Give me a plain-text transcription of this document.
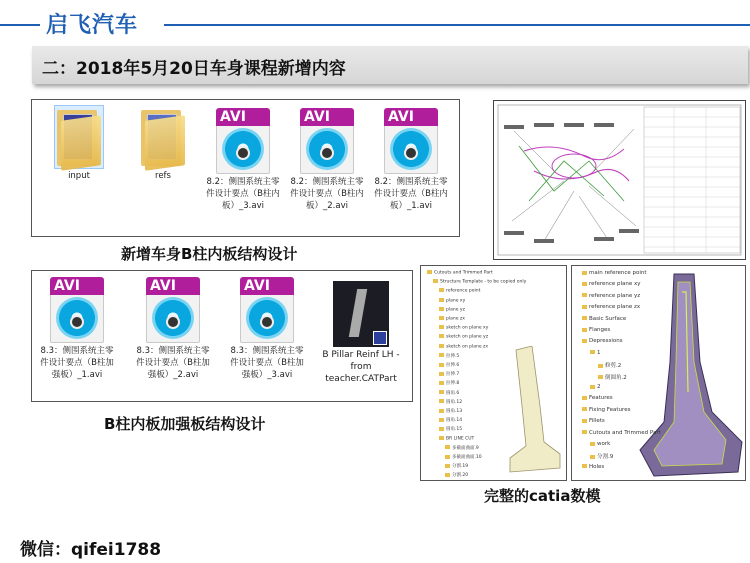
启飞汽车
二：2018年5月20日车身课程新增内容
input	refs
AVI
8.2：侧围系统主零件设计要点（B柱内板）_3.avi
AVI
8.2：侧围系统主零件设计要点（B柱内板）_2.avi
AVI
8.2：侧围系统主零件设计要点（B柱内板）_1.avi
新增车身B柱内板结构设计
AVI
8.3：侧围系统主零件设计要点（B柱加强板）_1.avi
AVI
8.3：侧围系统主零件设计要点（B柱加强板）_2.avi
AVI
8.3：侧围系统主零件设计要点（B柱加强板）_3.avi
B Pillar Reinf LH - from teacher.CATPart
B柱内板加强板结构设计
Cutouts and Trimmed Part
Structure Template - to be copied only
reference point
plane xy
plane yz
plane zx
sketch on plane xy
sketch on plane yz
sketch on plane zx
拉伸.5
拉伸.6
拉伸.7
拉伸.8
圆角.6
圆角.12
圆角.13
圆角.14
圆角.15
BR LINE CUT
多截面曲面.9
多截面曲面.10
分割.19
分割.20
main reference point
reference plane xy
reference plane yz
reference plane zx
Basic Surface
Flanges
Depressions
1
修剪.2
倒圆角.2
2
Features
Fixing Features
Fillets
Cutouts and Trimmed Part
work
分割.9
Holes
完整的catia数模
微信：qifei1788
